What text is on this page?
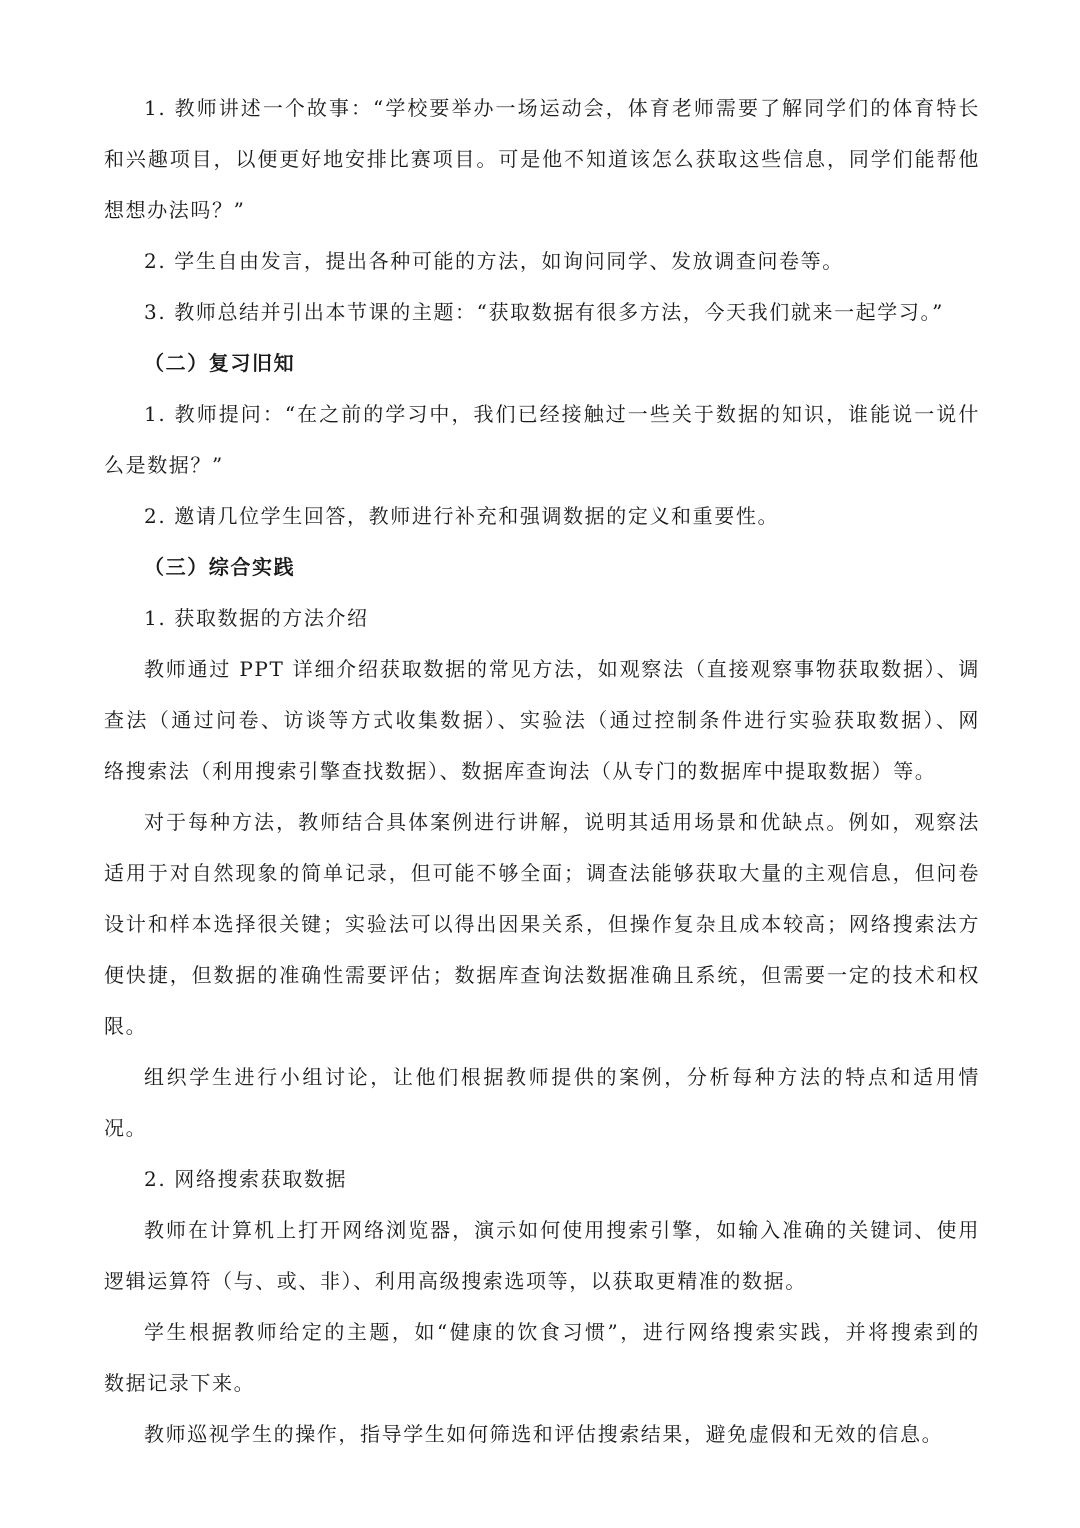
1. 教师讲述一个故事：“学校要举办一场运动会，体育老师需要了解同学们的体育特长
和兴趣项目，以便更好地安排比赛项目。可是他不知道该怎么获取这些信息，同学们能帮他
想想办法吗？”

2. 学生自由发言，提出各种可能的方法，如询问同学、发放调查问卷等。

3. 教师总结并引出本节课的主题：“获取数据有很多方法，今天我们就来一起学习。”

（二）复习旧知

1. 教师提问：“在之前的学习中，我们已经接触过一些关于数据的知识，谁能说一说什
么是数据？”

2. 邀请几位学生回答，教师进行补充和强调数据的定义和重要性。

（三）综合实践

1. 获取数据的方法介绍

教师通过 PPT 详细介绍获取数据的常见方法，如观察法（直接观察事物获取数据）、调
查法（通过问卷、访谈等方式收集数据）、实验法（通过控制条件进行实验获取数据）、网
络搜索法（利用搜索引擎查找数据）、数据库查询法（从专门的数据库中提取数据）等。

对于每种方法，教师结合具体案例进行讲解，说明其适用场景和优缺点。例如，观察法
适用于对自然现象的简单记录，但可能不够全面；调查法能够获取大量的主观信息，但问卷
设计和样本选择很关键；实验法可以得出因果关系，但操作复杂且成本较高；网络搜索法方
便快捷，但数据的准确性需要评估；数据库查询法数据准确且系统，但需要一定的技术和权
限。

组织学生进行小组讨论，让他们根据教师提供的案例，分析每种方法的特点和适用情
况。

2. 网络搜索获取数据

教师在计算机上打开网络浏览器，演示如何使用搜索引擎，如输入准确的关键词、使用
逻辑运算符（与、或、非）、利用高级搜索选项等，以获取更精准的数据。

学生根据教师给定的主题，如“健康的饮食习惯”，进行网络搜索实践，并将搜索到的
数据记录下来。

教师巡视学生的操作，指导学生如何筛选和评估搜索结果，避免虚假和无效的信息。
